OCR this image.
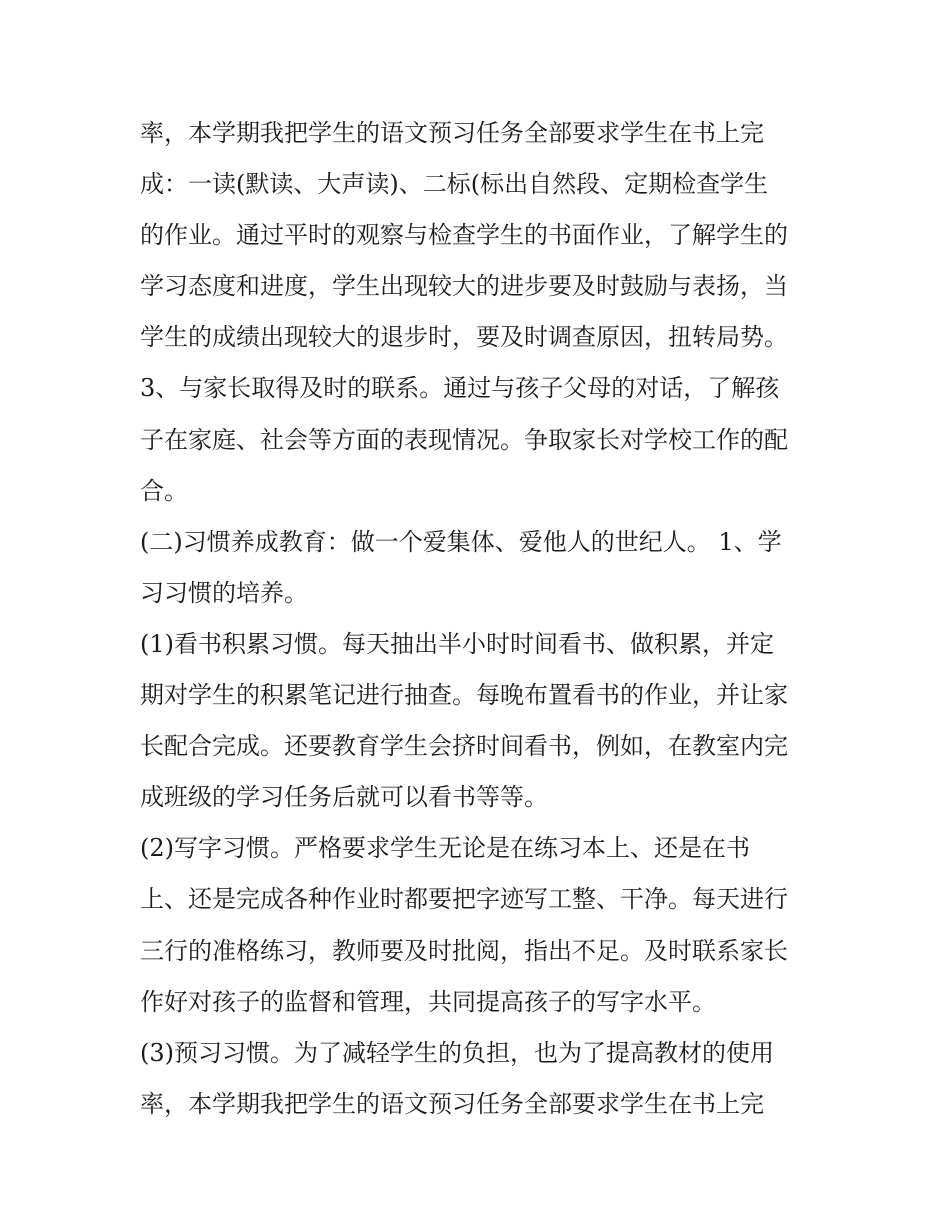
率，本学期我把学生的语文预习任务全部要求学生在书上完
成：一读(默读、大声读)、二标(标出自然段、定期检查学生
的作业。通过平时的观察与检查学生的书面作业，了解学生的
学习态度和进度，学生出现较大的进步要及时鼓励与表扬，当
学生的成绩出现较大的退步时，要及时调查原因，扭转局势。
3、与家长取得及时的联系。通过与孩子父母的对话，了解孩
子在家庭、社会等方面的表现情况。争取家长对学校工作的配
合。
(二)习惯养成教育：做一个爱集体、爱他人的世纪人。 1、学
习习惯的培养。
(1)看书积累习惯。每天抽出半小时时间看书、做积累，并定
期对学生的积累笔记进行抽查。每晚布置看书的作业，并让家
长配合完成。还要教育学生会挤时间看书，例如，在教室内完
成班级的学习任务后就可以看书等等。
(2)写字习惯。严格要求学生无论是在练习本上、还是在书
上、还是完成各种作业时都要把字迹写工整、干净。每天进行
三行的准格练习，教师要及时批阅，指出不足。及时联系家长
作好对孩子的监督和管理，共同提高孩子的写字水平。
(3)预习习惯。为了减轻学生的负担，也为了提高教材的使用
率，本学期我把学生的语文预习任务全部要求学生在书上完
